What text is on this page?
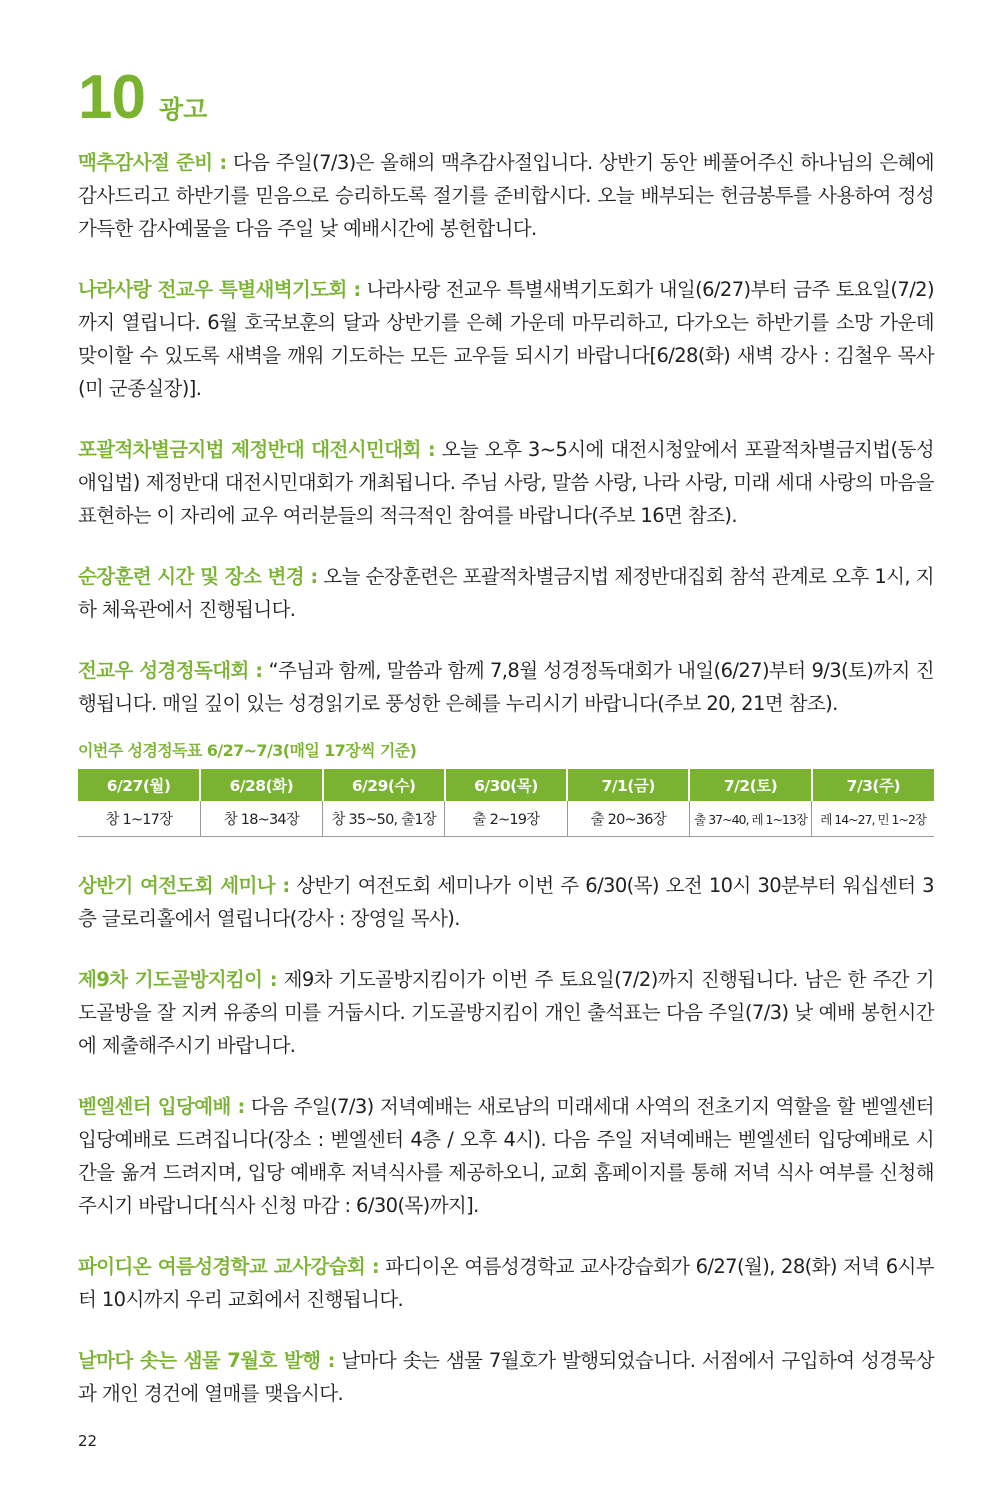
10 광고

맥추감사절 준비 : 다음 주일(7/3)은 올해의 맥추감사절입니다. 상반기 동안 베풀어주신 하나님의 은혜에 감사드리고 하반기를 믿음으로 승리하도록 절기를 준비합시다. 오늘 배부되는 헌금봉투를 사용하여 정성 가득한 감사예물을 다음 주일 낮 예배시간에 봉헌합니다.

나라사랑 전교우 특별새벽기도회 : 나라사랑 전교우 특별새벽기도회가 내일(6/27)부터 금주 토요일(7/2)까지 열립니다. 6월 호국보훈의 달과 상반기를 은혜 가운데 마무리하고, 다가오는 하반기를 소망 가운데 맞이할 수 있도록 새벽을 깨워 기도하는 모든 교우들 되시기 바랍니다[6/28(화) 새벽 강사 : 김철우 목사(미 군종실장)].

포괄적차별금지법 제정반대 대전시민대회 : 오늘 오후 3~5시에 대전시청앞에서 포괄적차별금지법(동성애입법) 제정반대 대전시민대회가 개최됩니다. 주님 사랑, 말씀 사랑, 나라 사랑, 미래 세대 사랑의 마음을 표현하는 이 자리에 교우 여러분들의 적극적인 참여를 바랍니다(주보 16면 참조).

순장훈련 시간 및 장소 변경 : 오늘 순장훈련은 포괄적차별금지법 제정반대집회 참석 관계로 오후 1시, 지하 체육관에서 진행됩니다.

전교우 성경정독대회 : “주님과 함께, 말씀과 함께 7,8월 성경정독대회가 내일(6/27)부터 9/3(토)까지 진행됩니다. 매일 깊이 있는 성경읽기로 풍성한 은혜를 누리시기 바랍니다(주보 20, 21면 참조).

이번주 성경정독표 6/27~7/3(매일 17장씩 기준)
6/27(월)	6/28(화)	6/29(수)	6/30(목)	7/1(금)	7/2(토)	7/3(주)
창 1~17장	창 18~34장	창 35~50, 출1장	출 2~19장	출 20~36장	출 37~40, 레 1~13장	레 14~27, 민 1~2장

상반기 여전도회 세미나 : 상반기 여전도회 세미나가 이번 주 6/30(목) 오전 10시 30분부터 워십센터 3층 글로리홀에서 열립니다(강사 : 장영일 목사).

제9차 기도골방지킴이 : 제9차 기도골방지킴이가 이번 주 토요일(7/2)까지 진행됩니다. 남은 한 주간 기도골방을 잘 지켜 유종의 미를 거둡시다. 기도골방지킴이 개인 출석표는 다음 주일(7/3) 낮 예배 봉헌시간에 제출해주시기 바랍니다.

벧엘센터 입당예배 : 다음 주일(7/3) 저녁예배는 새로남의 미래세대 사역의 전초기지 역할을 할 벧엘센터 입당예배로 드려집니다(장소 : 벧엘센터 4층 / 오후 4시). 다음 주일 저녁예배는 벧엘센터 입당예배로 시간을 옮겨 드려지며, 입당 예배후 저녁식사를 제공하오니, 교회 홈페이지를 통해 저녁 식사 여부를 신청해주시기 바랍니다[식사 신청 마감 : 6/30(목)까지].

파이디온 여름성경학교 교사강습회 : 파디이온 여름성경학교 교사강습회가 6/27(월), 28(화) 저녁 6시부터 10시까지 우리 교회에서 진행됩니다.

날마다 솟는 샘물 7월호 발행 : 날마다 솟는 샘물 7월호가 발행되었습니다. 서점에서 구입하여 성경묵상과 개인 경건에 열매를 맺읍시다.

22
